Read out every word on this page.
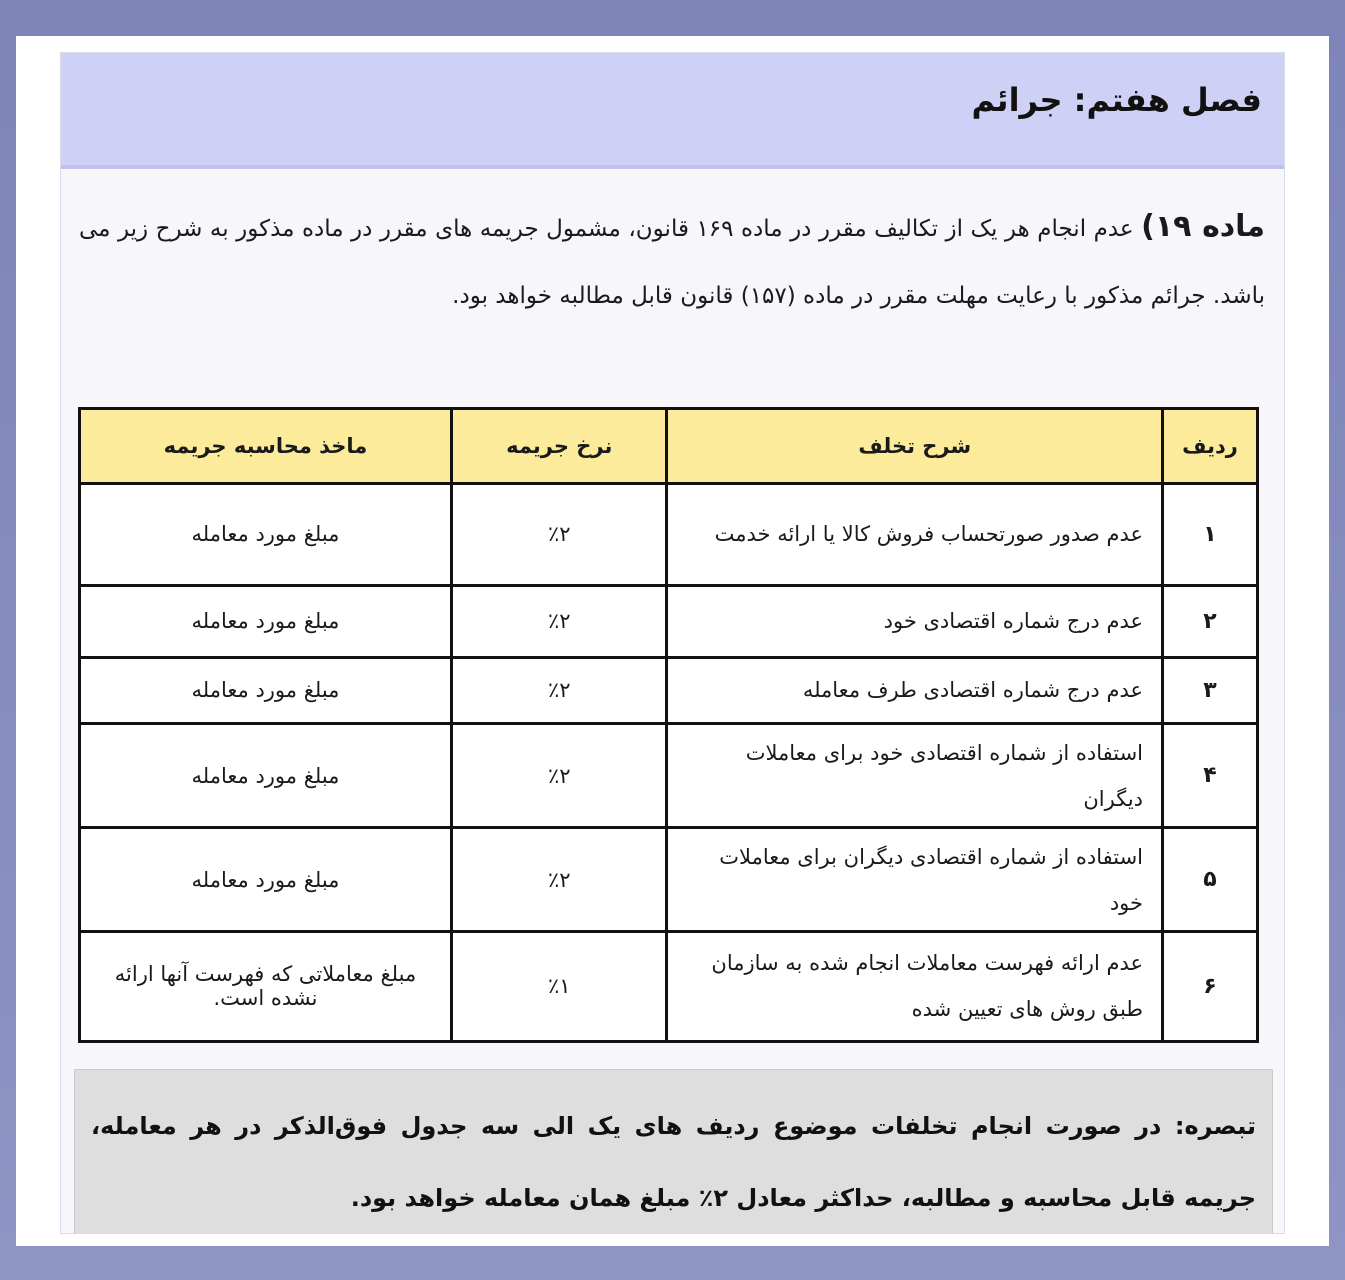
فصل هفتم: جرائم
ماده ۱۹) عدم انجام هر یک از تکالیف مقرر در ماده ۱۶۹ قانون، مشمول جریمه های مقرر در ماده مذکور به شرح زیر می باشد. جرائم مذکور با رعایت مهلت مقرر در ماده (۱۵۷) قانون قابل مطالبه خواهد بود.
ردیف	شرح تخلف	نرخ جریمه	ماخذ محاسبه جریمه
۱	عدم صدور صورتحساب فروش کالا یا ارائه خدمت	٪۲	مبلغ مورد معامله
۲	عدم درج شماره اقتصادی خود	٪۲	مبلغ مورد معامله
۳	عدم درج شماره اقتصادی طرف معامله	٪۲	مبلغ مورد معامله
۴	استفاده از شماره اقتصادی خود برای معاملات دیگران	٪۲	مبلغ مورد معامله
۵	استفاده از شماره اقتصادی دیگران برای معاملات خود	٪۲	مبلغ مورد معامله
۶	عدم ارائه فهرست معاملات انجام شده به سازمان طبق روش های تعیین شده	٪۱	مبلغ معاملاتی که فهرست آنها ارائه نشده است.
تبصره: در صورت انجام تخلفات موضوع ردیف های یک الی سه جدول فوق‌الذکر در هر معامله، جریمه قابل محاسبه و مطالبه، حداکثر معادل ۲٪ مبلغ همان معامله خواهد بود.
